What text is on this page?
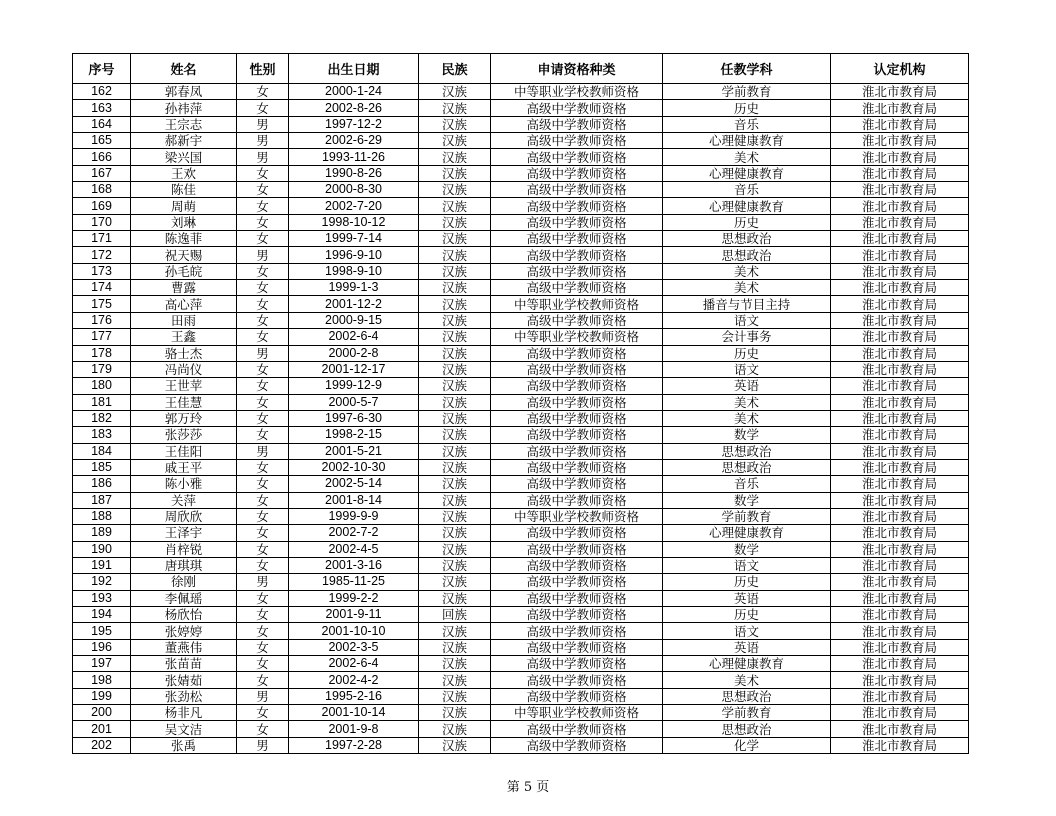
序号	姓名	性别	出生日期	民族	申请资格种类	任教学科	认定机构
162	郭春凤	女	2000-1-24	汉族	中等职业学校教师资格	学前教育	淮北市教育局
163	孙祎萍	女	2002-8-26	汉族	高级中学教师资格	历史	淮北市教育局
164	王宗志	男	1997-12-2	汉族	高级中学教师资格	音乐	淮北市教育局
165	郝新宇	男	2002-6-29	汉族	高级中学教师资格	心理健康教育	淮北市教育局
166	梁兴国	男	1993-11-26	汉族	高级中学教师资格	美术	淮北市教育局
167	王欢	女	1990-8-26	汉族	高级中学教师资格	心理健康教育	淮北市教育局
168	陈佳	女	2000-8-30	汉族	高级中学教师资格	音乐	淮北市教育局
169	周萌	女	2002-7-20	汉族	高级中学教师资格	心理健康教育	淮北市教育局
170	刘琳	女	1998-10-12	汉族	高级中学教师资格	历史	淮北市教育局
171	陈逸菲	女	1999-7-14	汉族	高级中学教师资格	思想政治	淮北市教育局
172	祝天赐	男	1996-9-10	汉族	高级中学教师资格	思想政治	淮北市教育局
173	孙毛皖	女	1998-9-10	汉族	高级中学教师资格	美术	淮北市教育局
174	曹露	女	1999-1-3	汉族	高级中学教师资格	美术	淮北市教育局
175	高心萍	女	2001-12-2	汉族	中等职业学校教师资格	播音与节目主持	淮北市教育局
176	田雨	女	2000-9-15	汉族	高级中学教师资格	语文	淮北市教育局
177	王鑫	女	2002-6-4	汉族	中等职业学校教师资格	会计事务	淮北市教育局
178	骆士杰	男	2000-2-8	汉族	高级中学教师资格	历史	淮北市教育局
179	冯尚仪	女	2001-12-17	汉族	高级中学教师资格	语文	淮北市教育局
180	王世苹	女	1999-12-9	汉族	高级中学教师资格	英语	淮北市教育局
181	王佳慧	女	2000-5-7	汉族	高级中学教师资格	美术	淮北市教育局
182	郭万玲	女	1997-6-30	汉族	高级中学教师资格	美术	淮北市教育局
183	张莎莎	女	1998-2-15	汉族	高级中学教师资格	数学	淮北市教育局
184	王佳阳	男	2001-5-21	汉族	高级中学教师资格	思想政治	淮北市教育局
185	戚王平	女	2002-10-30	汉族	高级中学教师资格	思想政治	淮北市教育局
186	陈小雅	女	2002-5-14	汉族	高级中学教师资格	音乐	淮北市教育局
187	关萍	女	2001-8-14	汉族	高级中学教师资格	数学	淮北市教育局
188	周欣欣	女	1999-9-9	汉族	中等职业学校教师资格	学前教育	淮北市教育局
189	王泽宇	女	2002-7-2	汉族	高级中学教师资格	心理健康教育	淮北市教育局
190	肖梓锐	女	2002-4-5	汉族	高级中学教师资格	数学	淮北市教育局
191	唐琪琪	女	2001-3-16	汉族	高级中学教师资格	语文	淮北市教育局
192	徐刚	男	1985-11-25	汉族	高级中学教师资格	历史	淮北市教育局
193	李佩瑶	女	1999-2-2	汉族	高级中学教师资格	英语	淮北市教育局
194	杨欣怡	女	2001-9-11	回族	高级中学教师资格	历史	淮北市教育局
195	张婷婷	女	2001-10-10	汉族	高级中学教师资格	语文	淮北市教育局
196	董燕伟	女	2002-3-5	汉族	高级中学教师资格	英语	淮北市教育局
197	张苗苗	女	2002-6-4	汉族	高级中学教师资格	心理健康教育	淮北市教育局
198	张婧茹	女	2002-4-2	汉族	高级中学教师资格	美术	淮北市教育局
199	张劲松	男	1995-2-16	汉族	高级中学教师资格	思想政治	淮北市教育局
200	杨非凡	女	2001-10-14	汉族	中等职业学校教师资格	学前教育	淮北市教育局
201	吴文洁	女	2001-9-8	汉族	高级中学教师资格	思想政治	淮北市教育局
202	张禹	男	1997-2-28	汉族	高级中学教师资格	化学	淮北市教育局
第 5 页
